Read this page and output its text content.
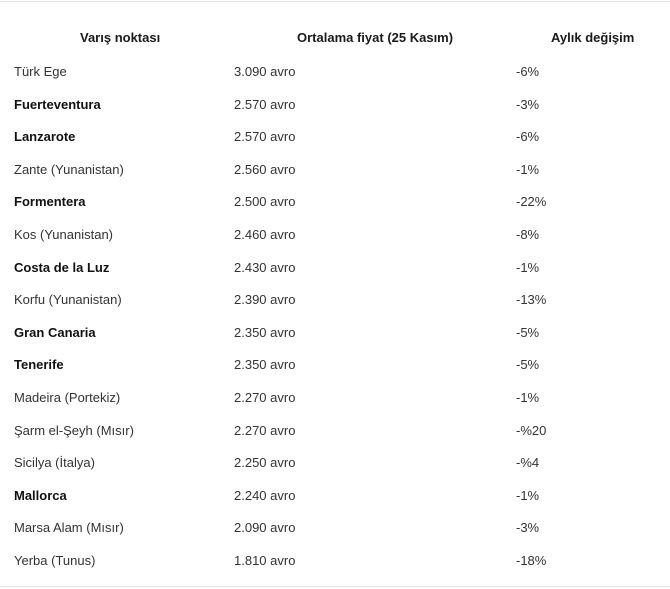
Varış noktası	Ortalama fiyat (25 Kasım)	Aylık değişim
Türk Ege	3.090 avro	-6%
Fuerteventura	2.570 avro	-3%
Lanzarote	2.570 avro	-6%
Zante (Yunanistan)	2.560 avro	-1%
Formentera	2.500 avro	-22%
Kos (Yunanistan)	2.460 avro	-8%
Costa de la Luz	2.430 avro	-1%
Korfu (Yunanistan)	2.390 avro	-13%
Gran Canaria	2.350 avro	-5%
Tenerife	2.350 avro	-5%
Madeira (Portekiz)	2.270 avro	-1%
Şarm el-Şeyh (Mısır)	2.270 avro	-%20
Sicilya (İtalya)	2.250 avro	-%4
Mallorca	2.240 avro	-1%
Marsa Alam (Mısır)	2.090 avro	-3%
Yerba (Tunus)	1.810 avro	-18%
